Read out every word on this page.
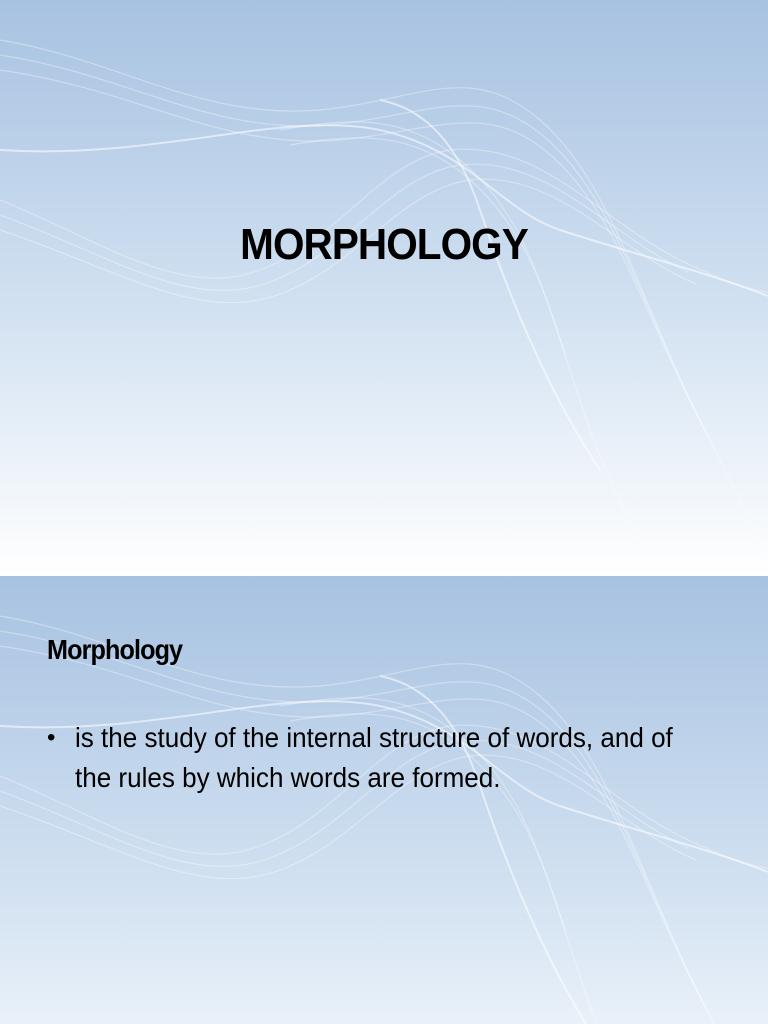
MORPHOLOGY
Morphology
• is the study of the internal structure of words, and of the rules by which words are formed.
